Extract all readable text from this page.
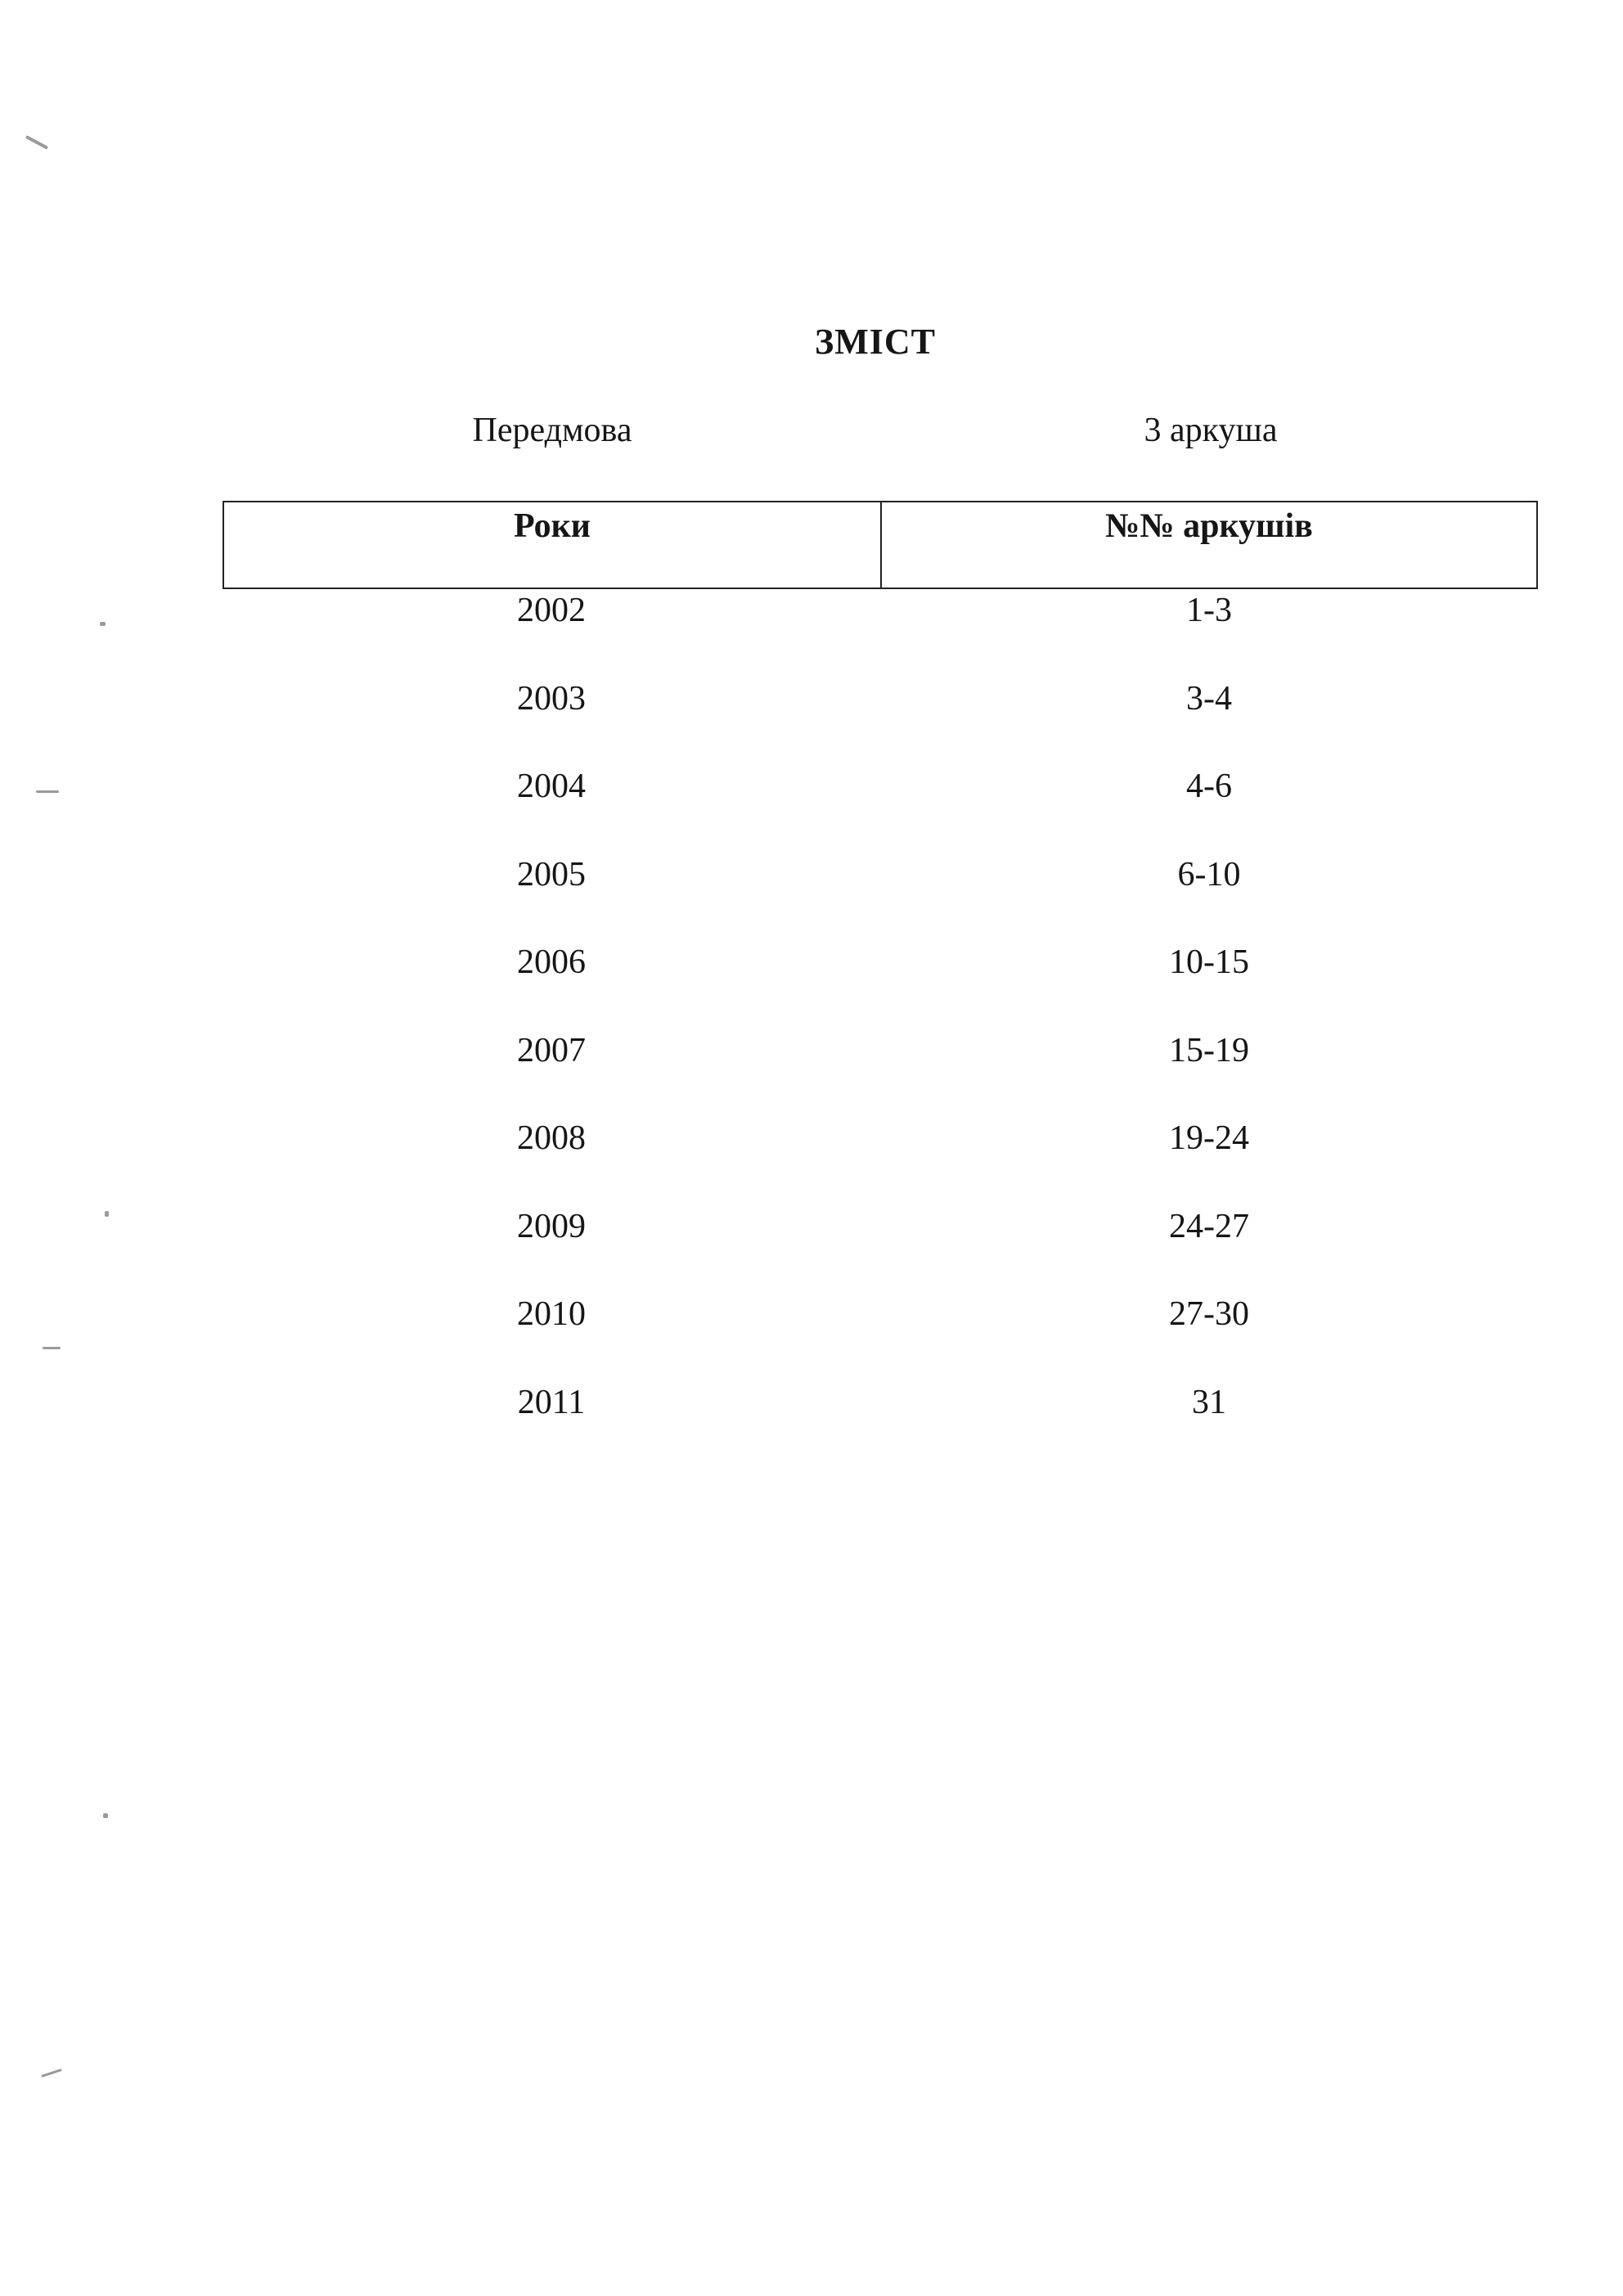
ЗМІСТ
Передмова	3 аркуша
Роки	№№ аркушів
2002	1-3
2003	3-4
2004	4-6
2005	6-10
2006	10-15
2007	15-19
2008	19-24
2009	24-27
2010	27-30
2011	31
